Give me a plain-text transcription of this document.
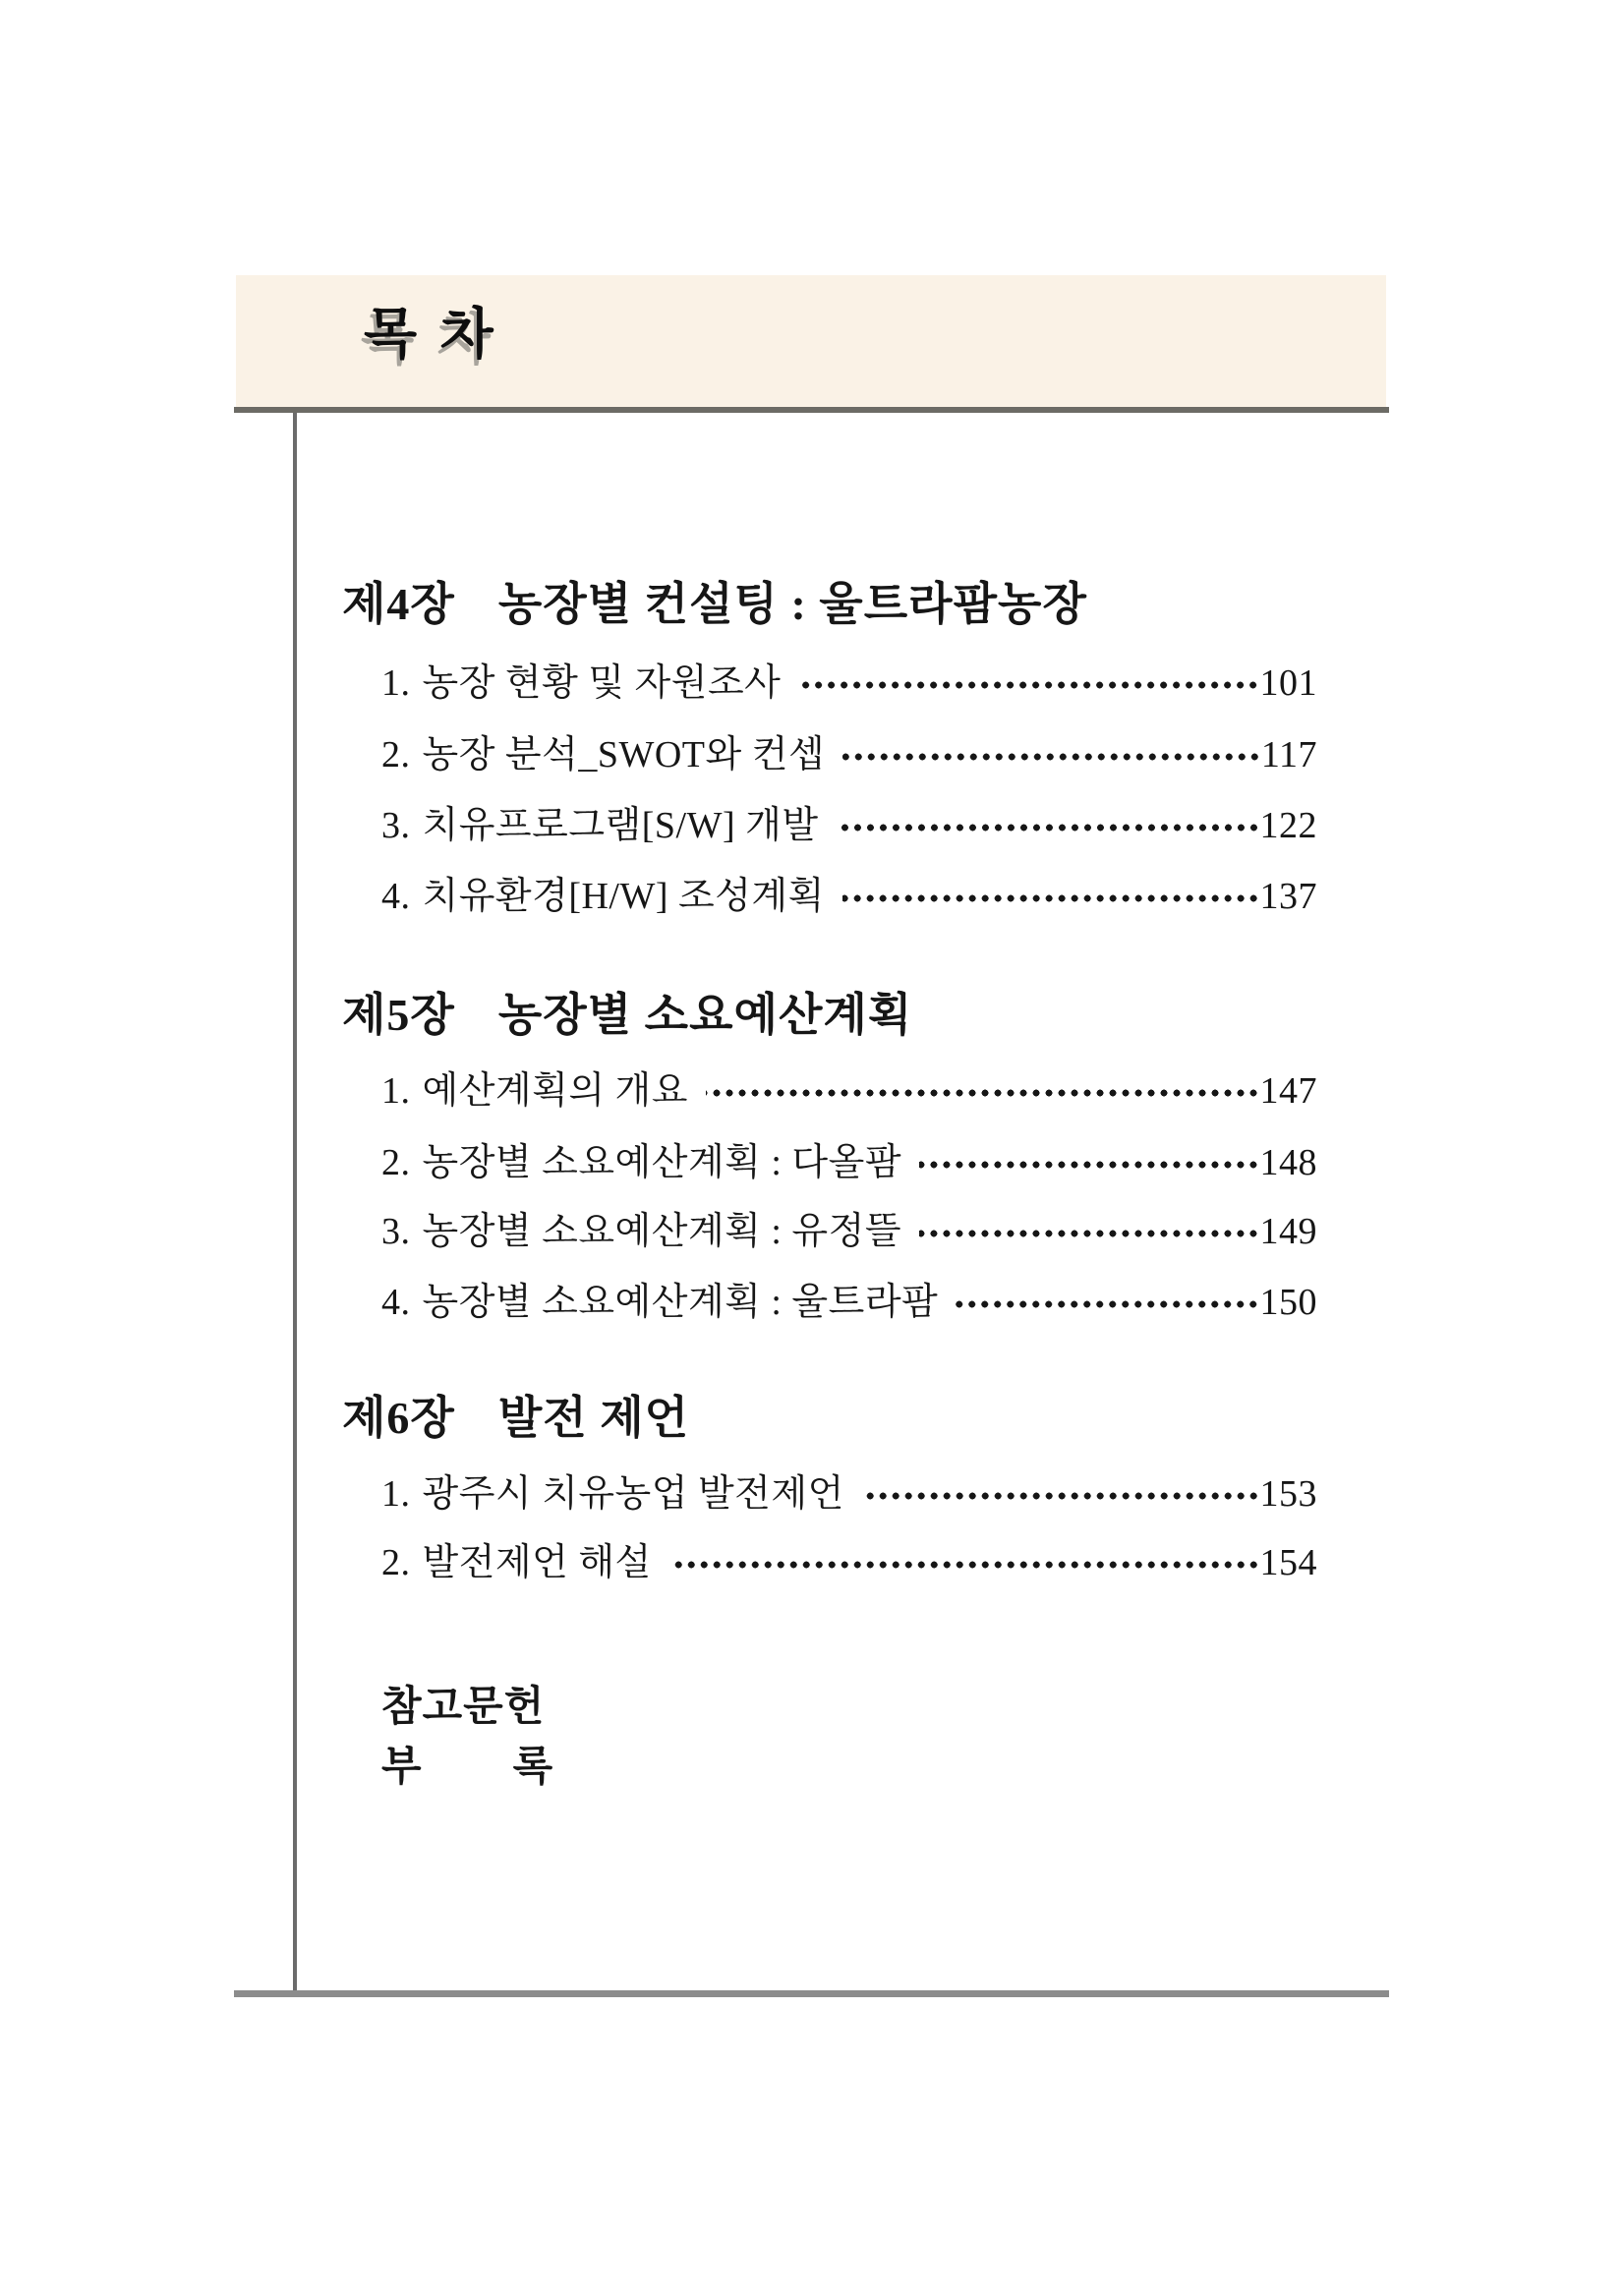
목 차
제4장 농장별 컨설팅 : 울트라팜농장
1. 농장 현황 및 자원조사	101
2. 농장 분석_SWOT와 컨셉	117
3. 치유프로그램[S/W] 개발	122
4. 치유환경[H/W] 조성계획	137
제5장 농장별 소요예산계획
1. 예산계획의 개요	147
2. 농장별 소요예산계획 : 다올팜	148
3. 농장별 소요예산계획 : 유정뜰	149
4. 농장별 소요예산계획 : 울트라팜	150
제6장 발전 제언
1. 광주시 치유농업 발전제언	153
2. 발전제언 해설	154
참고문헌
부        록
